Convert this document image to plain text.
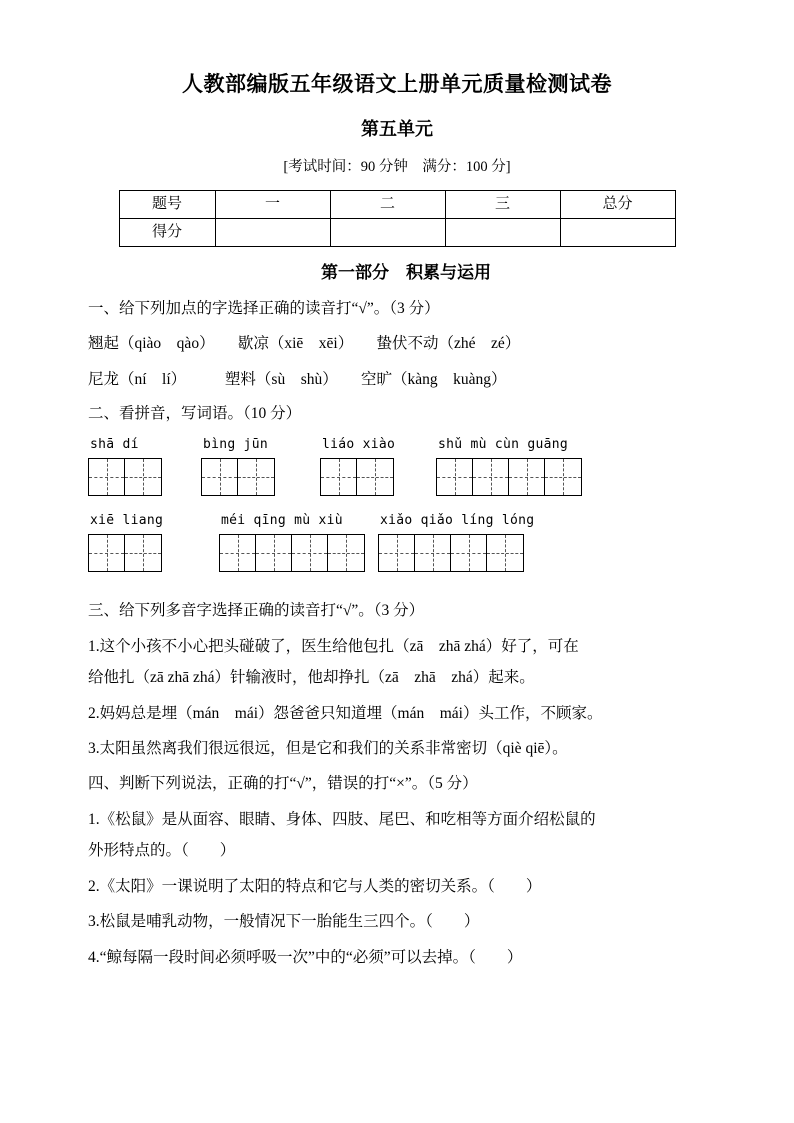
人教部编版五年级语文上册单元质量检测试卷
第五单元

[考试时间：90 分钟　满分：100 分]

题号	一	二	三	总分
得分				

第一部分　积累与运用

一、给下列加点的字选择正确的读音打“√”。（3 分）

翘起（qiào　qào）　　歇凉（xiē　xēi）　　蛰伏不动（zhé　zé）

尼龙（ní　lí）　　　塑料（sù　shù）　　空旷（kàng　kuàng）

二、看拼音，写词语。（10 分）

shā dí	bìng jūn	liáo xiào	shǔ mù cùn guāng
xiē liang	méi qīng mù xiù	xiǎo qiǎo líng lóng

三、给下列多音字选择正确的读音打“√”。（3 分）

1.这个小孩不小心把头碰破了，医生给他包扎（zā　zhā zhá）好了，可在

给他扎（zā zhā zhá）针输液时，他却挣扎（zā　zhā　zhá）起来。

2.妈妈总是埋（mán　mái）怨爸爸只知道埋（mán　mái）头工作，不顾家。

3.太阳虽然离我们很远很远，但是它和我们的关系非常密切（qiè qiē）。

四、判断下列说法，正确的打“√”，错误的打“×”。（5 分）

1.《松鼠》是从面容、眼睛、身体、四肢、尾巴、和吃相等方面介绍松鼠的

外形特点的。（　　）

2.《太阳》一课说明了太阳的特点和它与人类的密切关系。（　　）

3.松鼠是哺乳动物，一般情况下一胎能生三四个。（　　）

4.“鲸每隔一段时间必须呼吸一次”中的“必须”可以去掉。（　　）
